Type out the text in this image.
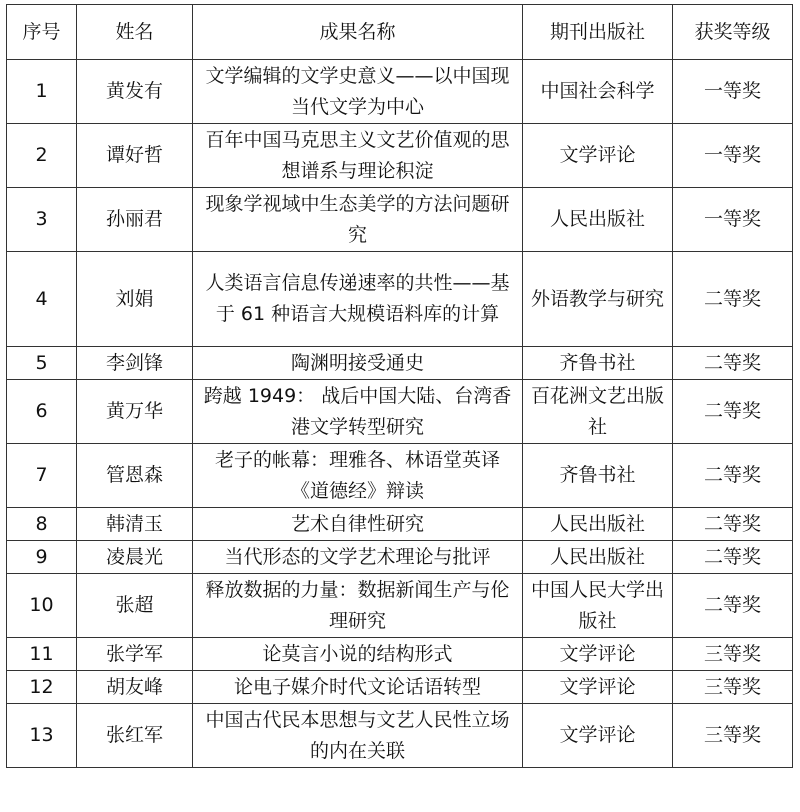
序号	姓名	成果名称	期刊出版社	获奖等级
1	黄发有	文学编辑的文学史意义——以中国现当代文学为中心	中国社会科学	一等奖
2	谭好哲	百年中国马克思主义文艺价值观的思想谱系与理论积淀	文学评论	一等奖
3	孙丽君	现象学视域中生态美学的方法问题研究	人民出版社	一等奖
4	刘娟	人类语言信息传递速率的共性——基于 61 种语言大规模语料库的计算	外语教学与研究	二等奖
5	李剑锋	陶渊明接受通史	齐鲁书社	二等奖
6	黄万华	跨越 1949： 战后中国大陆、台湾香港文学转型研究	百花洲文艺出版社	二等奖
7	管恩森	老子的帐幕：理雅各、林语堂英译《道德经》辩读	齐鲁书社	二等奖
8	韩清玉	艺术自律性研究	人民出版社	二等奖
9	凌晨光	当代形态的文学艺术理论与批评	人民出版社	二等奖
10	张超	释放数据的力量：数据新闻生产与伦理研究	中国人民大学出版社	二等奖
11	张学军	论莫言小说的结构形式	文学评论	三等奖
12	胡友峰	论电子媒介时代文论话语转型	文学评论	三等奖
13	张红军	中国古代民本思想与文艺人民性立场的内在关联	文学评论	三等奖
